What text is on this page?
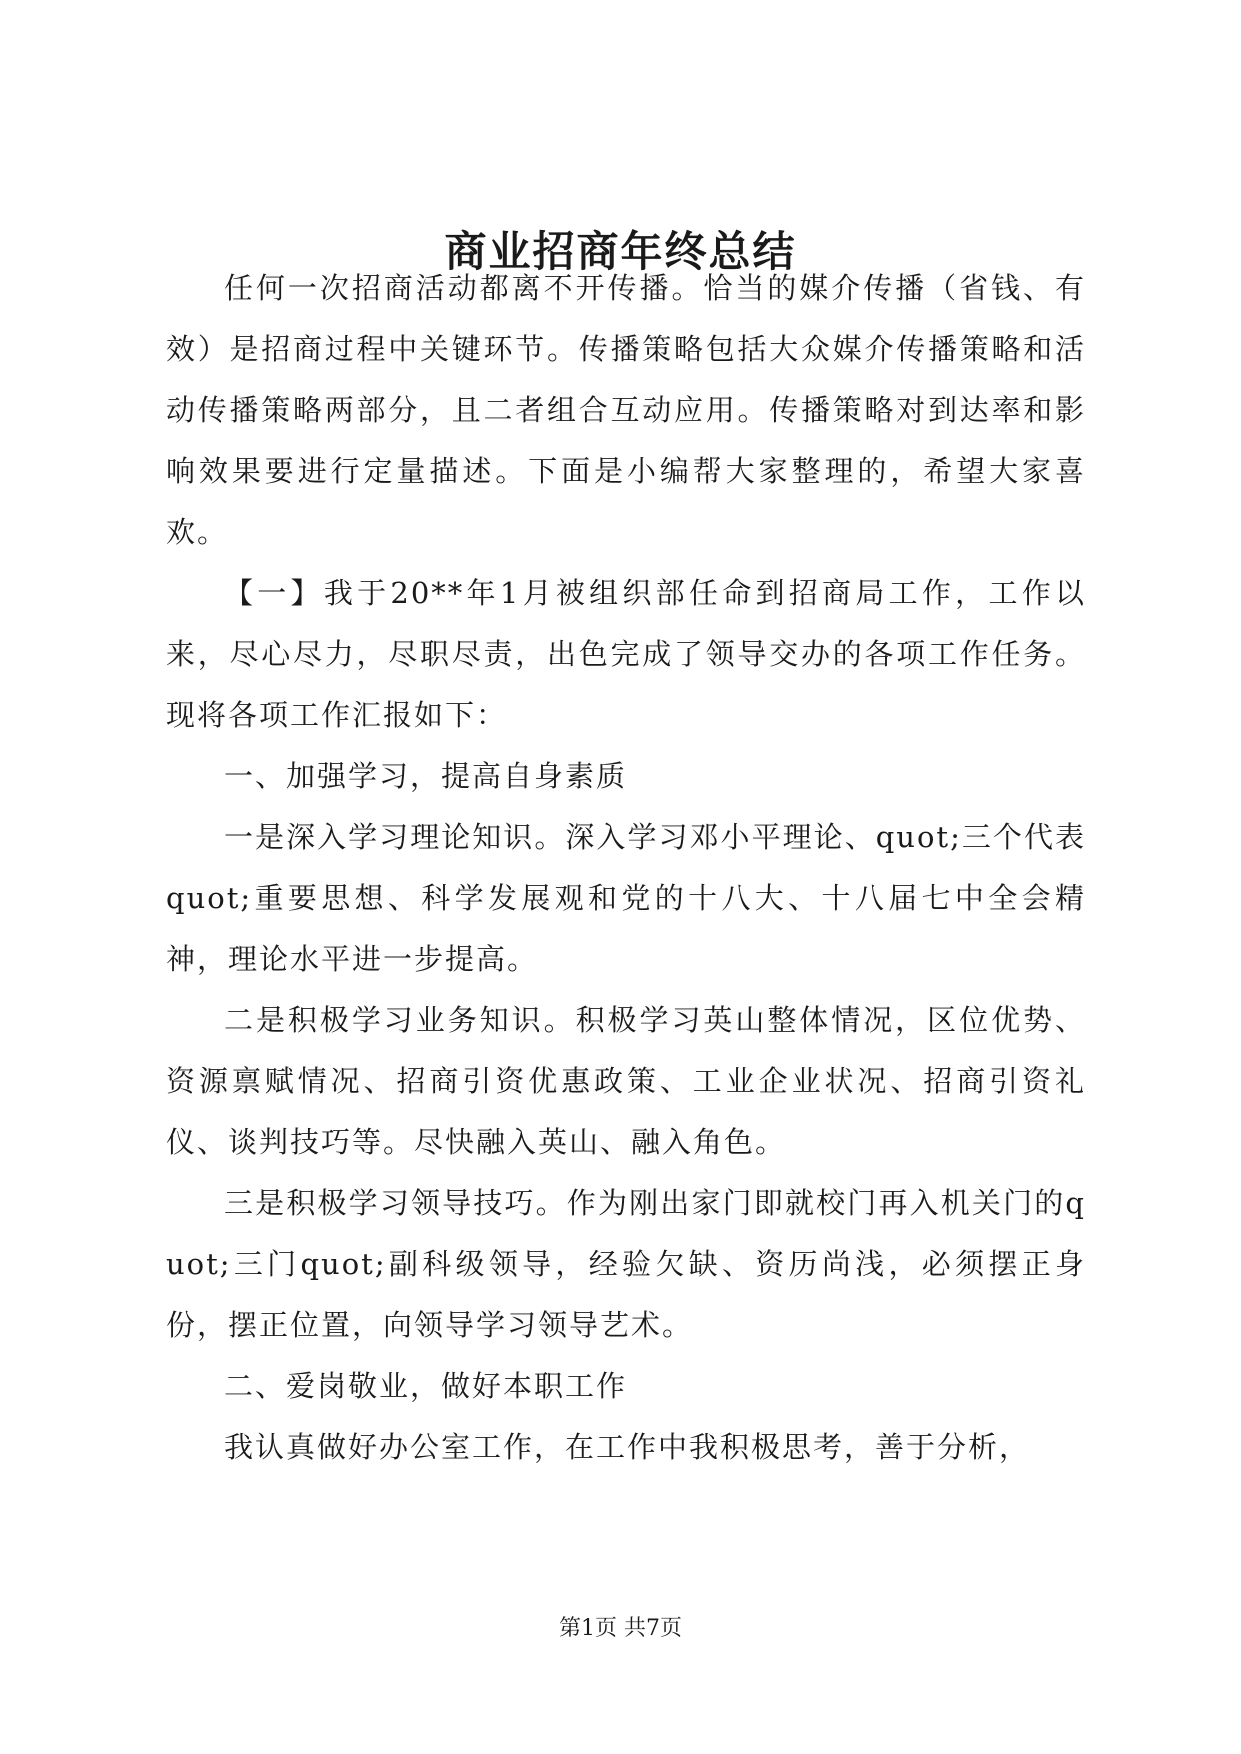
商业招商年终总结

任何一次招商活动都离不开传播。恰当的媒介传播（省钱、有效）是招商过程中关键环节。传播策略包括大众媒介传播策略和活动传播策略两部分，且二者组合互动应用。传播策略对到达率和影响效果要进行定量描述。下面是小编帮大家整理的，希望大家喜欢。

【一】我于20**年1月被组织部任命到招商局工作，工作以来，尽心尽力，尽职尽责，出色完成了领导交办的各项工作任务。现将各项工作汇报如下：

一、加强学习，提高自身素质

一是深入学习理论知识。深入学习邓小平理论、quot;三个代表quot;重要思想、科学发展观和党的十八大、十八届七中全会精神，理论水平进一步提高。

二是积极学习业务知识。积极学习英山整体情况，区位优势、资源禀赋情况、招商引资优惠政策、工业企业状况、招商引资礼仪、谈判技巧等。尽快融入英山、融入角色。

三是积极学习领导技巧。作为刚出家门即就校门再入机关门的quot;三门quot;副科级领导，经验欠缺、资历尚浅，必须摆正身份，摆正位置，向领导学习领导艺术。

二、爱岗敬业，做好本职工作

我认真做好办公室工作，在工作中我积极思考，善于分析，

第1页 共7页
